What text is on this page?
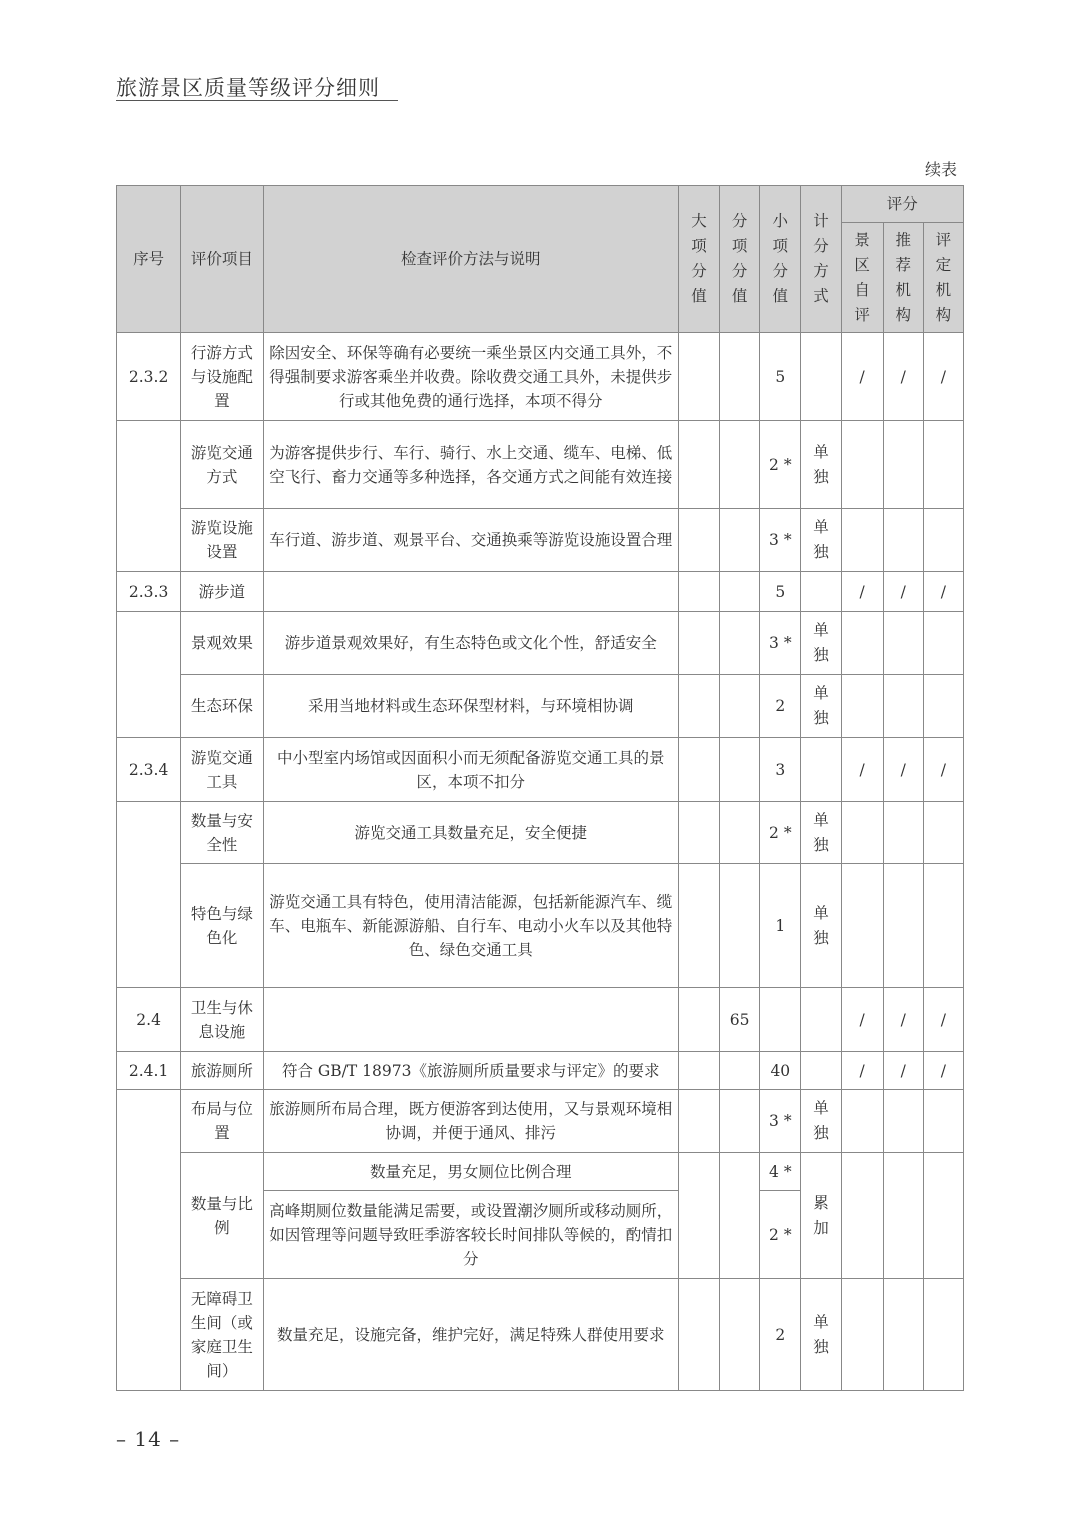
旅游景区质量等级评分细则
续表
序号	评价项目	检查评价方法与说明	大
项
分
值	分
项
分
值	小
项
分
值	计
分
方
式	评分		

							景
区
自
评	推
荐
机
构	评
定
机
构

2.3.2	行游方式与设施配置	除因安全、环保等确有必要统一乘坐景区内交通工具外，不得强制要求游客乘坐并收费。除收费交通工具外，未提供步行或其他免费的通行选择，本项不得分			5		/	/	/
	游览交通方式	为游客提供步行、车行、骑行、水上交通、缆车、电梯、低空飞行、畜力交通等多种选择，各交通方式之间能有效连接			2 *	单
独			

	游览设施设置	车行道、游步道、观景平台、交通换乘等游览设施设置合理			3 *	单
独			

2.3.3	游步道				5		/	/	/
	景观效果	游步道景观效果好，有生态特色或文化个性，舒适安全			3 *	单
独			

	生态环保	采用当地材料或生态环保型材料，与环境相协调			2	单
独			

2.3.4	游览交通工具	中小型室内场馆或因面积小而无须配备游览交通工具的景区，本项不扣分			3		/	/	/
	数量与安全性	游览交通工具数量充足，安全便捷			2 *	单
独			

	特色与绿色化	游览交通工具有特色，使用清洁能源，包括新能源汽车、缆车、电瓶车、新能源游船、自行车、电动小火车以及其他特色、绿色交通工具			1	单
独			

2.4	卫生与休息设施			65			/	/	/
2.4.1	旅游厕所	符合 GB/T 18973《旅游厕所质量要求与评定》的要求			40		/	/	/
	布局与位置	旅游厕所布局合理，既方便游客到达使用，又与景观环境相协调，并便于通风、排污			3 *	单
独			

	数量与比例	数量充足，男女厕位比例合理			4 *	累
加			

		高峰期厕位数量能满足需要，或设置潮汐厕所或移动厕所，如因管理等问题导致旺季游客较长时间排队等候的，酌情扣分			2 *				
	无障碍卫生间（或家庭卫生间）	数量充足，设施完备，维护完好，满足特殊人群使用要求			2	单
独			

– 14 –
